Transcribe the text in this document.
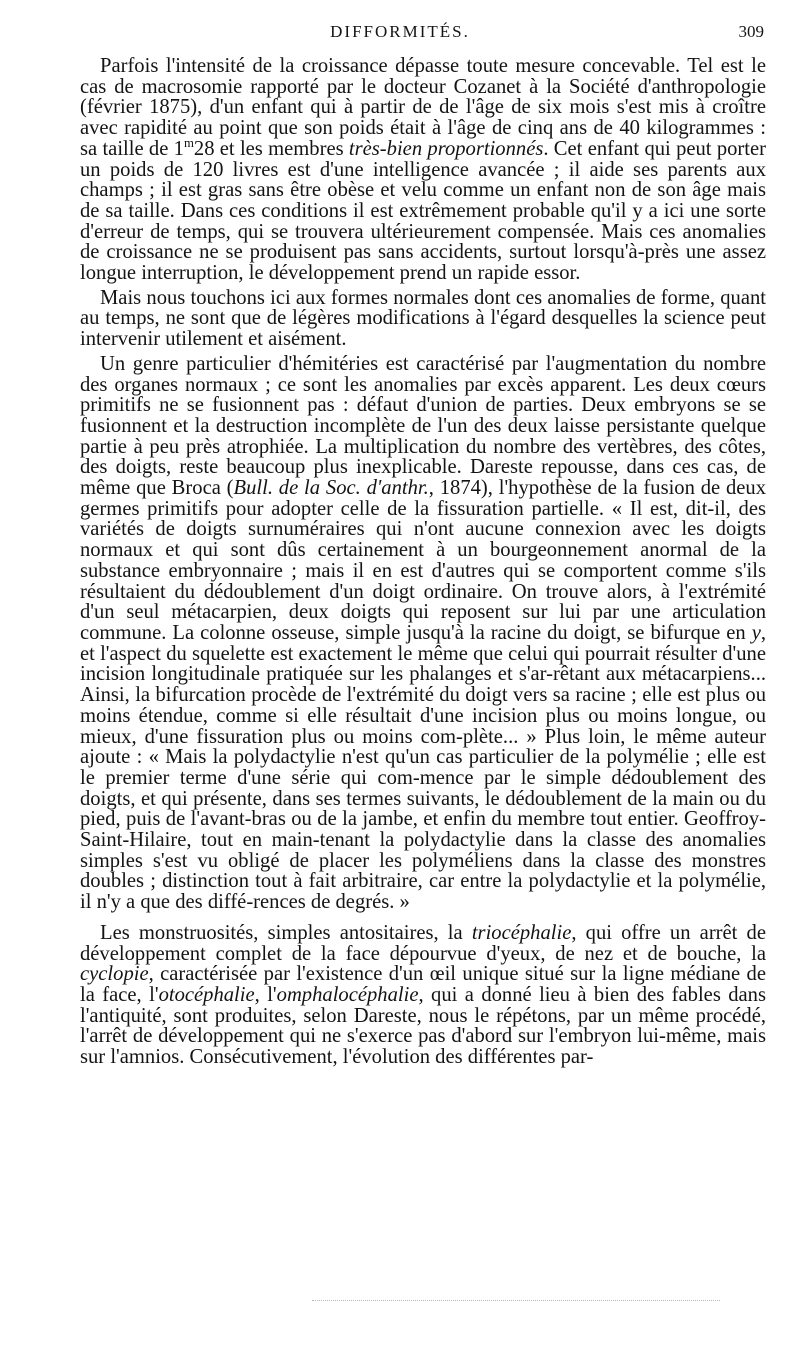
DIFFORMITÉS.	309

Parfois l'intensité de la croissance dépasse toute mesure concevable. Tel est le cas de macrosomie rapporté par le docteur Cozanet à la Société d'anthropologie (février 1875), d'un enfant qui à partir de de l'âge de six mois s'est mis à croître avec rapidité au point que son poids était à l'âge de cinq ans de 40 kilogrammes : sa taille de 1$^m$28 et les membres très-bien proportionnés. Cet enfant qui peut porter un poids de 120 livres est d'une intelligence avancée ; il aide ses parents aux champs ; il est gras sans être obèse et velu comme un enfant non de son âge mais de sa taille. Dans ces conditions il est extrêmement probable qu'il y a ici une sorte d'erreur de temps, qui se trouvera ultérieurement compensée. Mais ces anomalies de croissance ne se produisent pas sans accidents, surtout lorsqu'à-près une assez longue interruption, le développement prend un rapide essor.

Mais nous touchons ici aux formes normales dont ces anomalies de forme, quant au temps, ne sont que de légères modifications à l'égard desquelles la science peut intervenir utilement et aisément.

Un genre particulier d'hémitéries est caractérisé par l'augmentation du nombre des organes normaux ; ce sont les anomalies par excès apparent. Les deux cœurs primitifs ne se fusionnent pas : défaut d'union de parties. Deux embryons se se fusionnent et la destruction incomplète de l'un des deux laisse persistante quelque partie à peu près atrophiée. La multiplication du nombre des vertèbres, des côtes, des doigts, reste beaucoup plus inexplicable. Dareste repousse, dans ces cas, de même que Broca (Bull. de la Soc. d'anthr., 1874), l'hypothèse de la fusion de deux germes primitifs pour adopter celle de la fissuration partielle. « Il est, dit-il, des variétés de doigts surnuméraires qui n'ont aucune connexion avec les doigts normaux et qui sont dûs certainement à un bourgeonnement anormal de la substance embryonnaire ; mais il en est d'autres qui se comportent comme s'ils résultaient du dédoublement d'un doigt ordinaire. On trouve alors, à l'extrémité d'un seul métacarpien, deux doigts qui reposent sur lui par une articulation commune. La colonne osseuse, simple jusqu'à la racine du doigt, se bifurque en y, et l'aspect du squelette est exactement le même que celui qui pourrait résulter d'une incision longitudinale pratiquée sur les phalanges et s'ar-rêtant aux métacarpiens... Ainsi, la bifurcation procède de l'extrémité du doigt vers sa racine ; elle est plus ou moins étendue, comme si elle résultait d'une incision plus ou moins longue, ou mieux, d'une fissuration plus ou moins com-plète... » Plus loin, le même auteur ajoute : « Mais la polydactylie n'est qu'un cas particulier de la polymélie ; elle est le premier terme d'une série qui com-mence par le simple dédoublement des doigts, et qui présente, dans ses termes suivants, le dédoublement de la main ou du pied, puis de l'avant-bras ou de la jambe, et enfin du membre tout entier. Geoffroy-Saint-Hilaire, tout en main-tenant la polydactylie dans la classe des anomalies simples s'est vu obligé de placer les polyméliens dans la classe des monstres doubles ; distinction tout à fait arbitraire, car entre la polydactylie et la polymélie, il n'y a que des diffé-rences de degrés. »

Les monstruosités, simples antositaires, la triocéphalie, qui offre un arrêt de développement complet de la face dépourvue d'yeux, de nez et de bouche, la cyclopie, caractérisée par l'existence d'un œil unique situé sur la ligne médiane de la face, l'otocéphalie, l'omphalocéphalie, qui a donné lieu à bien des fables dans l'antiquité, sont produites, selon Dareste, nous le répétons, par un même procédé, l'arrêt de développement qui ne s'exerce pas d'abord sur l'embryon lui-même, mais sur l'amnios. Consécutivement, l'évolution des différentes par-
